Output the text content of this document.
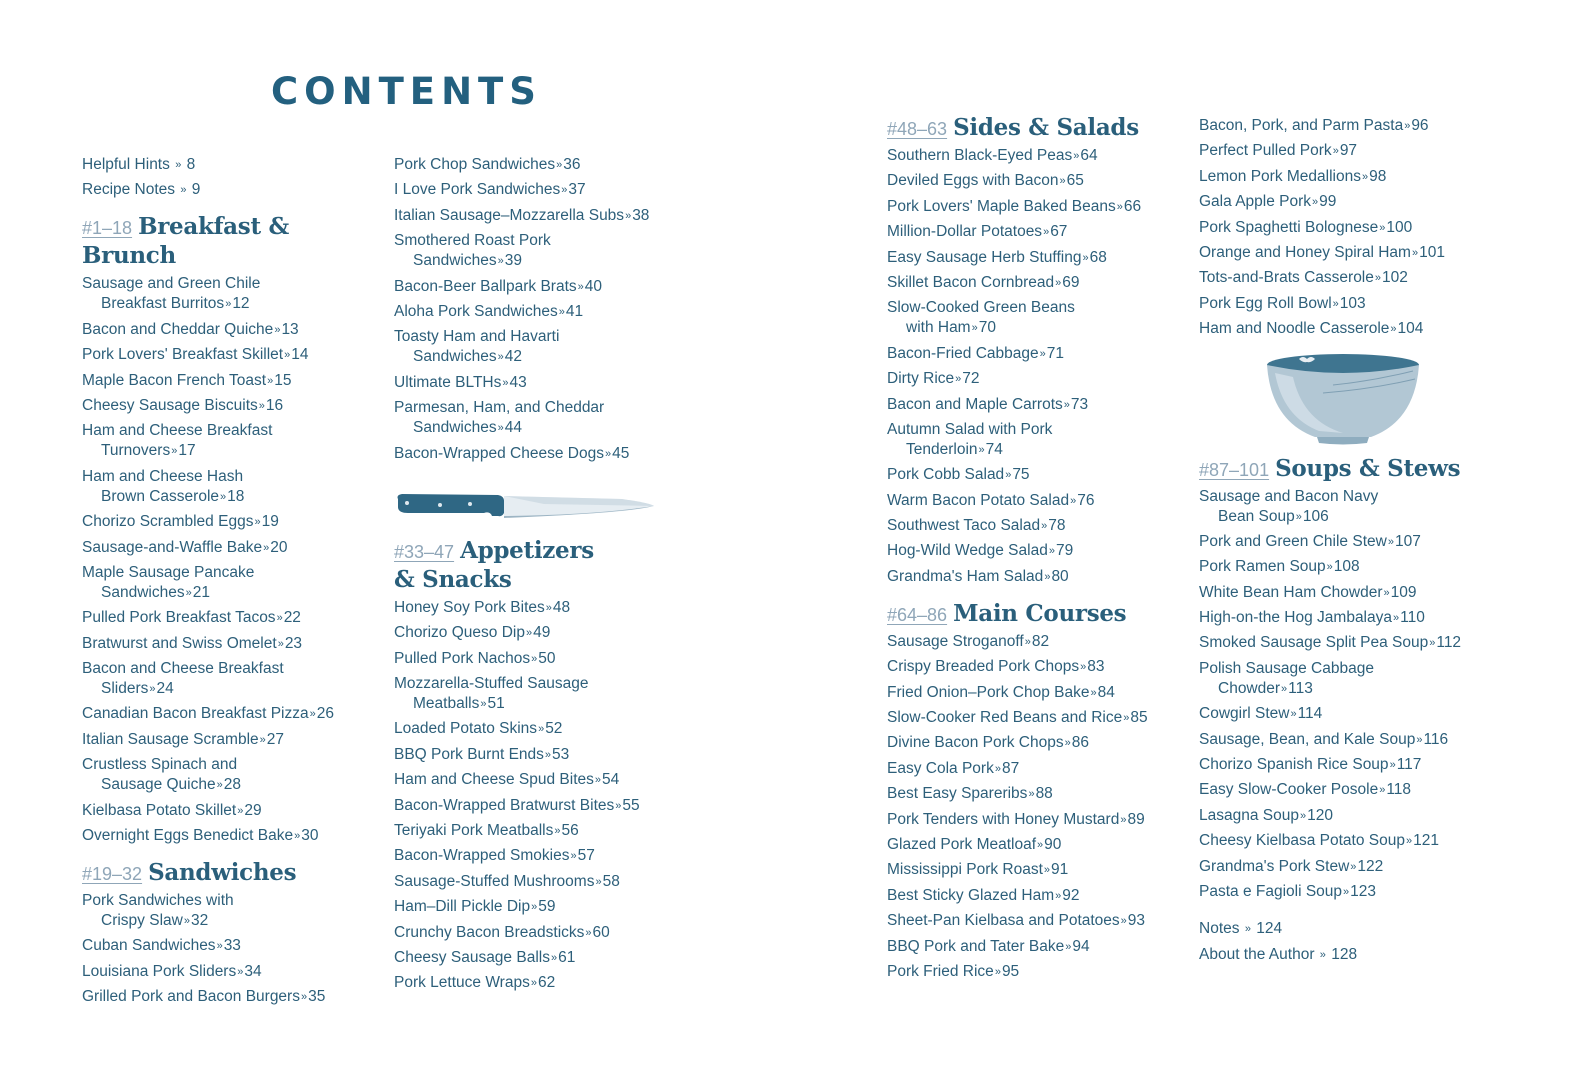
CONTENTS
Helpful Hints » 8
Recipe Notes » 9
#1–18 Breakfast & Brunch
Sausage and Green Chile
Breakfast Burritos»12
Bacon and Cheddar Quiche»13
Pork Lovers' Breakfast Skillet»14
Maple Bacon French Toast»15
Cheesy Sausage Biscuits»16
Ham and Cheese Breakfast
Turnovers»17
Ham and Cheese Hash
Brown Casserole»18
Chorizo Scrambled Eggs»19
Sausage-and-Waffle Bake»20
Maple Sausage Pancake
Sandwiches»21
Pulled Pork Breakfast Tacos»22
Bratwurst and Swiss Omelet»23
Bacon and Cheese Breakfast
Sliders»24
Canadian Bacon Breakfast Pizza»26
Italian Sausage Scramble»27
Crustless Spinach and
Sausage Quiche»28
Kielbasa Potato Skillet»29
Overnight Eggs Benedict Bake»30
#19–32 Sandwiches
Pork Sandwiches with
Crispy Slaw»32
Cuban Sandwiches»33
Louisiana Pork Sliders»34
Grilled Pork and Bacon Burgers»35
Pork Chop Sandwiches»36
I Love Pork Sandwiches»37
Italian Sausage–Mozzarella Subs»38
Smothered Roast Pork
Sandwiches»39
Bacon-Beer Ballpark Brats»40
Aloha Pork Sandwiches»41
Toasty Ham and Havarti
Sandwiches»42
Ultimate BLTHs»43
Parmesan, Ham, and Cheddar
Sandwiches»44
Bacon-Wrapped Cheese Dogs»45
#33–47 Appetizers
& Snacks
Honey Soy Pork Bites»48
Chorizo Queso Dip»49
Pulled Pork Nachos»50
Mozzarella-Stuffed Sausage
Meatballs»51
Loaded Potato Skins»52
BBQ Pork Burnt Ends»53
Ham and Cheese Spud Bites»54
Bacon-Wrapped Bratwurst Bites»55
Teriyaki Pork Meatballs»56
Bacon-Wrapped Smokies»57
Sausage-Stuffed Mushrooms»58
Ham–Dill Pickle Dip»59
Crunchy Bacon Breadsticks»60
Cheesy Sausage Balls»61
Pork Lettuce Wraps»62
#48–63 Sides & Salads
Southern Black-Eyed Peas»64
Deviled Eggs with Bacon»65
Pork Lovers' Maple Baked Beans»66
Million-Dollar Potatoes»67
Easy Sausage Herb Stuffing»68
Skillet Bacon Cornbread»69
Slow-Cooked Green Beans
with Ham»70
Bacon-Fried Cabbage»71
Dirty Rice»72
Bacon and Maple Carrots»73
Autumn Salad with Pork
Tenderloin»74
Pork Cobb Salad»75
Warm Bacon Potato Salad»76
Southwest Taco Salad»78
Hog-Wild Wedge Salad»79
Grandma's Ham Salad»80
#64–86 Main Courses
Sausage Stroganoff»82
Crispy Breaded Pork Chops»83
Fried Onion–Pork Chop Bake»84
Slow-Cooker Red Beans and Rice»85
Divine Bacon Pork Chops»86
Easy Cola Pork»87
Best Easy Spareribs»88
Pork Tenders with Honey Mustard»89
Glazed Pork Meatloaf»90
Mississippi Pork Roast»91
Best Sticky Glazed Ham»92
Sheet-Pan Kielbasa and Potatoes»93
BBQ Pork and Tater Bake»94
Pork Fried Rice»95
Bacon, Pork, and Parm Pasta»96
Perfect Pulled Pork»97
Lemon Pork Medallions»98
Gala Apple Pork»99
Pork Spaghetti Bolognese»100
Orange and Honey Spiral Ham»101
Tots-and-Brats Casserole»102
Pork Egg Roll Bowl»103
Ham and Noodle Casserole»104
#87–101 Soups & Stews
Sausage and Bacon Navy
Bean Soup»106
Pork and Green Chile Stew»107
Pork Ramen Soup»108
White Bean Ham Chowder»109
High-on-the Hog Jambalaya»110
Smoked Sausage Split Pea Soup»112
Polish Sausage Cabbage
Chowder»113
Cowgirl Stew»114
Sausage, Bean, and Kale Soup»116
Chorizo Spanish Rice Soup»117
Easy Slow-Cooker Posole»118
Lasagna Soup»120
Cheesy Kielbasa Potato Soup»121
Grandma's Pork Stew»122
Pasta e Fagioli Soup»123
Notes » 124
About the Author » 128
